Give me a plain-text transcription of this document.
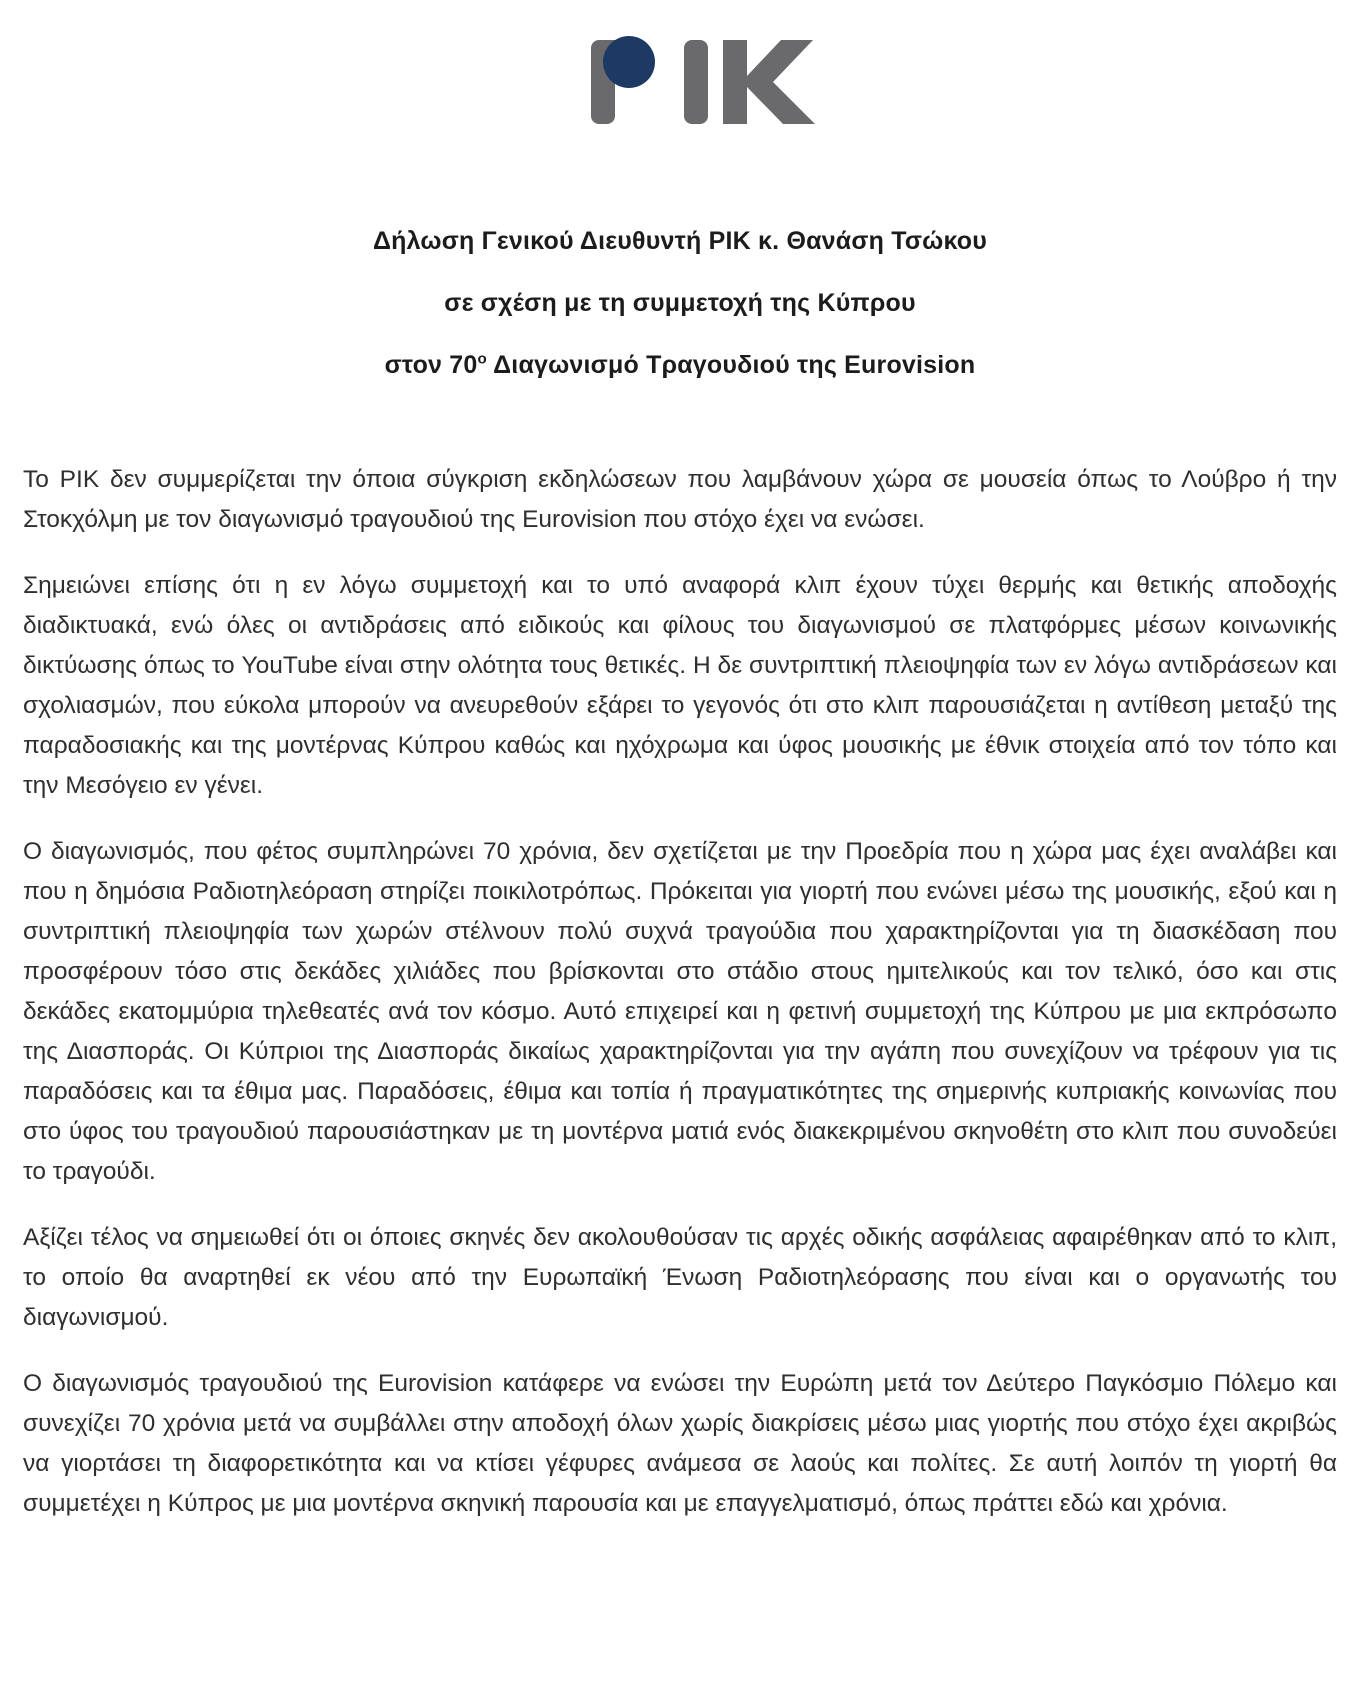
Δήλωση Γενικού Διευθυντή ΡΙΚ κ. Θανάση Τσώκου
σε σχέση με τη συμμετοχή της Κύπρου
στον $70^o$ Διαγωνισμό Τραγουδιού της Eurovision

Το ΡΙΚ δεν συμμερίζεται την όποια σύγκριση εκδηλώσεων που λαμβάνουν χώρα σε μουσεία όπως το Λούβρο ή την Στοκχόλμη με τον διαγωνισμό τραγουδιού της Eurovision που στόχο έχει να ενώσει.

Σημειώνει επίσης ότι η εν λόγω συμμετοχή και το υπό αναφορά κλιπ έχουν τύχει θερμής και θετικής αποδοχής διαδικτυακά, ενώ όλες οι αντιδράσεις από ειδικούς και φίλους του διαγωνισμού σε πλατφόρμες μέσων κοινωνικής δικτύωσης όπως το YouTube είναι στην ολότητα τους θετικές. Η δε συντριπτική πλειοψηφία των εν λόγω αντιδράσεων και σχολιασμών, που εύκολα μπορούν να ανευρεθούν εξάρει το γεγονός ότι στο κλιπ παρουσιάζεται η αντίθεση μεταξύ της παραδοσιακής και της μοντέρνας Κύπρου καθώς και ηχόχρωμα και ύφος μουσικής με έθνικ στοιχεία από τον τόπο και την Μεσόγειο εν γένει.

Ο διαγωνισμός, που φέτος συμπληρώνει 70 χρόνια, δεν σχετίζεται με την Προεδρία που η χώρα μας έχει αναλάβει και που η δημόσια Ραδιοτηλεόραση στηρίζει ποικιλοτρόπως. Πρόκειται για γιορτή που ενώνει μέσω της μουσικής, εξού και η συντριπτική πλειοψηφία των χωρών στέλνουν πολύ συχνά τραγούδια που χαρακτηρίζονται για τη διασκέδαση που προσφέρουν τόσο στις δεκάδες χιλιάδες που βρίσκονται στο στάδιο στους ημιτελικούς και τον τελικό, όσο και στις δεκάδες εκατομμύρια τηλεθεατές ανά τον κόσμο. Αυτό επιχειρεί και η φετινή συμμετοχή της Κύπρου με μια εκπρόσωπο της Διασποράς. Οι Κύπριοι της Διασποράς δικαίως χαρακτηρίζονται για την αγάπη που συνεχίζουν να τρέφουν για τις παραδόσεις και τα έθιμα μας. Παραδόσεις, έθιμα και τοπία ή πραγματικότητες της σημερινής κυπριακής κοινωνίας που στο ύφος του τραγουδιού παρουσιάστηκαν με τη μοντέρνα ματιά ενός διακεκριμένου σκηνοθέτη στο κλιπ που συνοδεύει το τραγούδι.

Αξίζει τέλος να σημειωθεί ότι οι όποιες σκηνές δεν ακολουθούσαν τις αρχές οδικής ασφάλειας αφαιρέθηκαν από το κλιπ, το οποίο θα αναρτηθεί εκ νέου από την Ευρωπαϊκή Ένωση Ραδιοτηλεόρασης που είναι και ο οργανωτής του διαγωνισμού.

Ο διαγωνισμός τραγουδιού της Eurovision κατάφερε να ενώσει την Ευρώπη μετά τον Δεύτερο Παγκόσμιο Πόλεμο και συνεχίζει 70 χρόνια μετά να συμβάλλει στην αποδοχή όλων χωρίς διακρίσεις μέσω μιας γιορτής που στόχο έχει ακριβώς να γιορτάσει τη διαφορετικότητα και να κτίσει γέφυρες ανάμεσα σε λαούς και πολίτες. Σε αυτή λοιπόν τη γιορτή θα συμμετέχει η Κύπρος με μια μοντέρνα σκηνική παρουσία και με επαγγελματισμό, όπως πράττει εδώ και χρόνια.
